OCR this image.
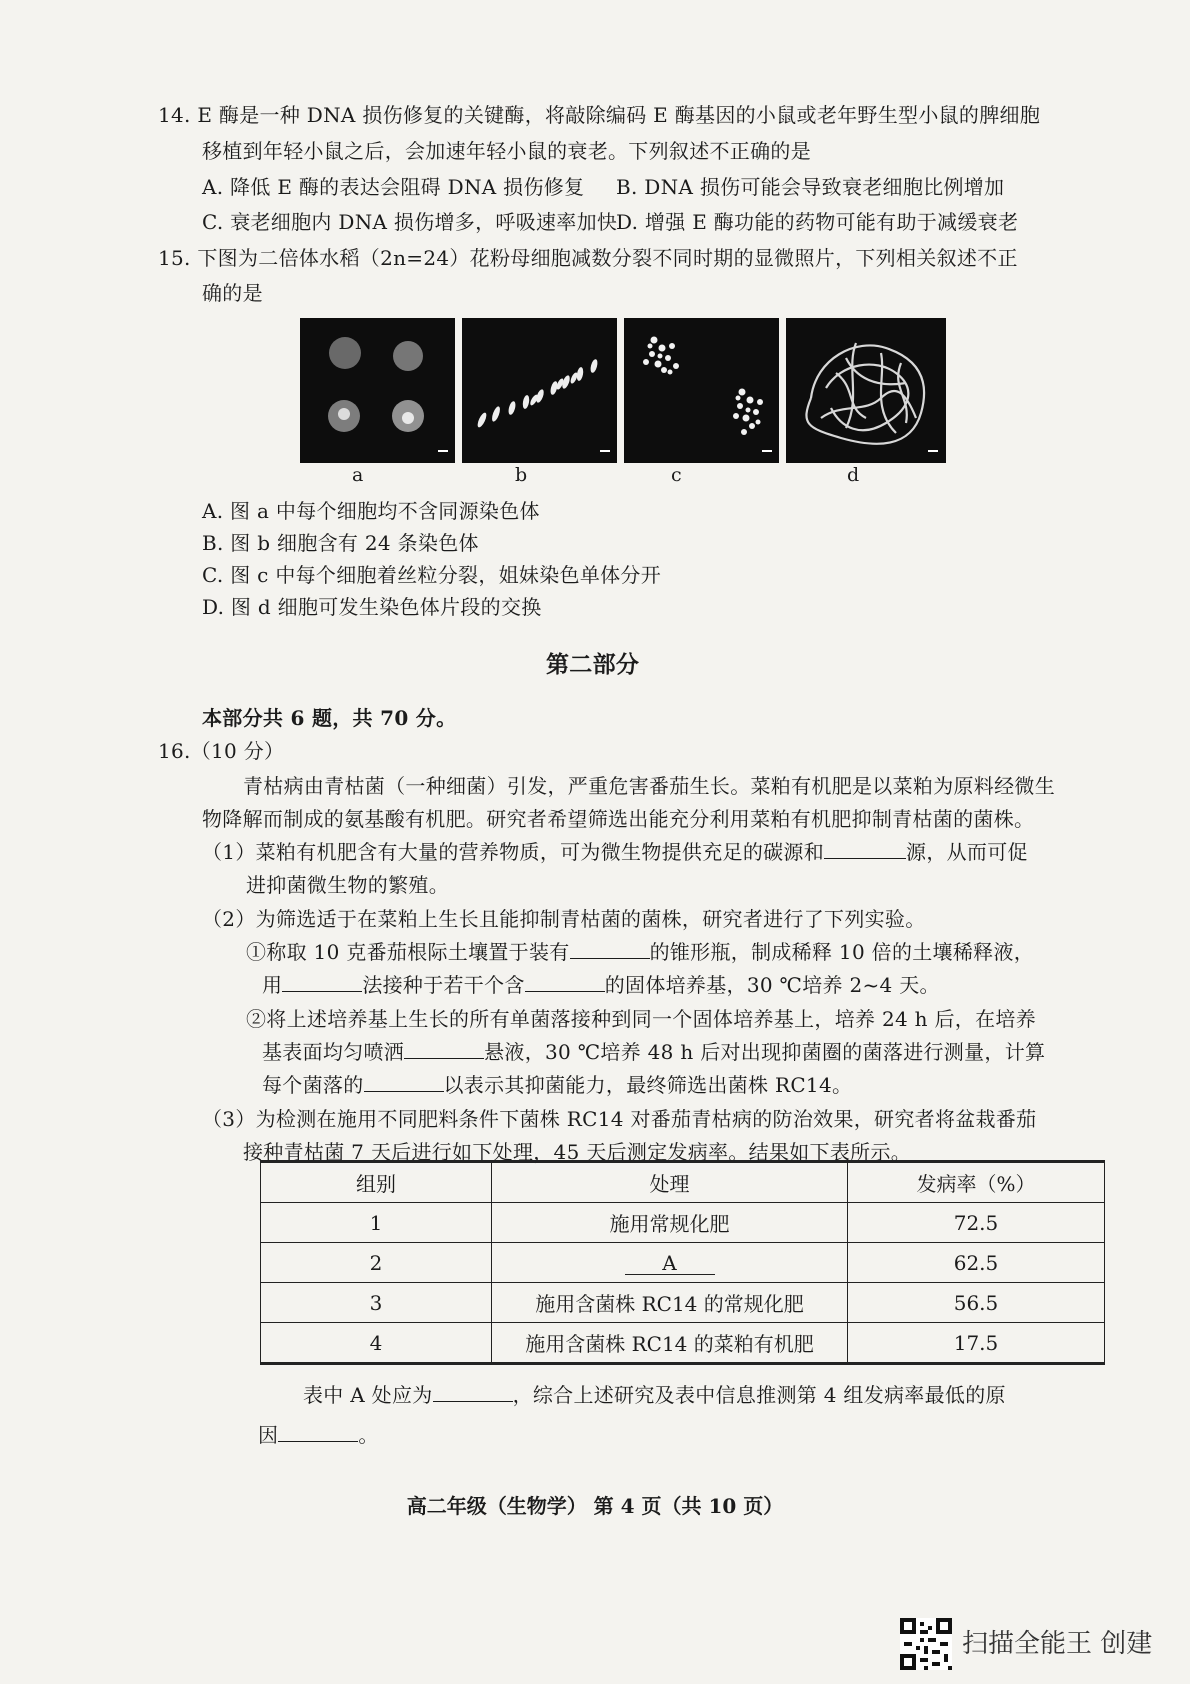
14. E 酶是一种 DNA 损伤修复的关键酶，将敲除编码 E 酶基因的小鼠或老年野生型小鼠的脾细胞
移植到年轻小鼠之后，会加速年轻小鼠的衰老。下列叙述不正确的是
A. 降低 E 酶的表达会阻碍 DNA 损伤修复 B. DNA 损伤可能会导致衰老细胞比例增加
C. 衰老细胞内 DNA 损伤增多，呼吸速率加快
D. 增强 E 酶功能的药物可能有助于减缓衰老
15. 下图为二倍体水稻（2n=24）花粉母细胞减数分裂不同时期的显微照片，下列相关叙述不正
确的是
a	b	c	d
A. 图 a 中每个细胞均不含同源染色体
B. 图 b 细胞含有 24 条染色体
C. 图 c 中每个细胞着丝粒分裂，姐妹染色单体分开
D. 图 d 细胞可发生染色体片段的交换
第二部分
本部分共 6 题，共 70 分。
16.（10 分）
青枯病由青枯菌（一种细菌）引发，严重危害番茄生长。菜粕有机肥是以菜粕为原料经微生
物降解而制成的氨基酸有机肥。研究者希望筛选出能充分利用菜粕有机肥抑制青枯菌的菌株。
（1）菜粕有机肥含有大量的营养物质，可为微生物提供充足的碳源和	源，从而可促
进抑菌微生物的繁殖。
（2）为筛选适于在菜粕上生长且能抑制青枯菌的菌株，研究者进行了下列实验。
①称取 10 克番茄根际土壤置于装有	的锥形瓶，制成稀释 10 倍的土壤稀释液，
用	法接种于若干个含	的固体培养基，30 ℃培养 2~4 天。
②将上述培养基上生长的所有单菌落接种到同一个固体培养基上，培养 24 h 后，在培养
基表面均匀喷洒	悬液，30 ℃培养 48 h 后对出现抑菌圈的菌落进行测量，计算
每个菌落的	以表示其抑菌能力，最终筛选出菌株 RC14。
（3）为检测在施用不同肥料条件下菌株 RC14 对番茄青枯病的防治效果，研究者将盆栽番茄
接种青枯菌 7 天后进行如下处理，45 天后测定发病率。结果如下表所示。
组别	处理	发病率（%）
1	施用常规化肥	72.5
2	A	62.5
3	施用含菌株 RC14 的常规化肥	56.5
4	施用含菌株 RC14 的菜粕有机肥	17.5
表中 A 处应为	，综合上述研究及表中信息推测第 4 组发病率最低的原
因	。
高二年级（生物学） 第 4 页（共 10 页）
扫描全能王 创建
